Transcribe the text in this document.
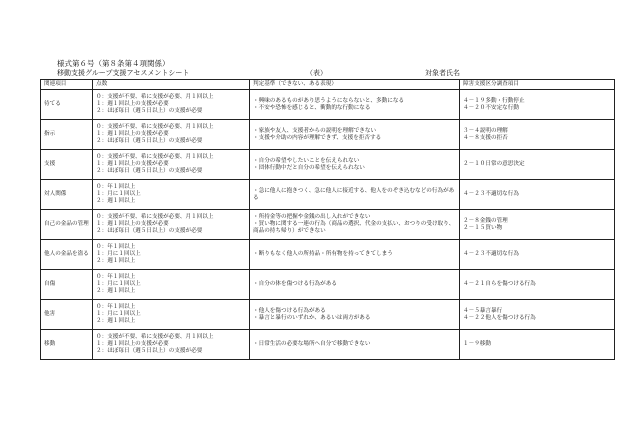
様式第６号（第８条第４項関係）
移動支援グループ支援アセスメントシート	（表）	対象者氏名
関連項目	点数	判定基準（できない、ある表現）	障害支援区分調査項目
待てる	０：支援が不要、希に支援が必要、月１回以上
１：週１回以上の支援が必要
２：ほぼ毎日（週５日以上）の支援が必要	・興味のあるものがあり思うようにならないと、多動になる
・不安や恐怖を感じると、衝動的な行動になる	４－１９多動・行動停止
４－２０不安定な行動

指示	０：支援が不要、希に支援が必要、月１回以上
１：週１回以上の支援が必要
２：ほぼ毎日（週５日以上）の支援が必要	・家族や友人、支援者からの説明を理解できない
・支援や介助の内容が理解できず、支援を拒否する	３－４説明の理解
４－８支援の拒否

支援	０：支援が不要、希に支援が必要、月１回以上
１：週１回以上の支援が必要
２：ほぼ毎日（週５日以上）の支援が必要	・自分の希望やしたいことを伝えられない
・団体行動中だと自分の希望を伝えられない	２－１０日常の意思決定

対人関係	０：年１回以上
１：月に１回以上
２：週１回以上	・急に他人に抱きつく、急に他人に接近する、他人をのぞき込むなどの行為がある	４－２３不適切な行為

自己の金品の管理	０：支援が不要、希に支援が必要、月１回以上
１：週１回以上の支援が必要
２：ほぼ毎日（週５日以上）の支援が必要	・所持金等の把握や金銭の出し入れができない
・買い物に関する一連の行為（商品の選択、代金の支払い、おつりの受け取り、商品の持ち帰り）ができない	２－８金銭の管理
２－１５買い物

他人の金品を盗る	０：年１回以上
１：月に１回以上
２：週１回以上	・断りもなく他人の所持品・所有物を持ってきてしまう	４－２３不適切な行為

自傷	０：年１回以上
１：月に１回以上
２：週１回以上	・自分の体を傷つける行為がある	４－２１自らを傷つける行為

他害	０：年１回以上
１：月に１回以上
２：週１回以上	・他人を傷つける行為がある
・暴言と暴行のいずれか、あるいは両方がある	４－５暴言暴行
４－２２他人を傷つける行為

移動	０：支援が不要、希に支援が必要、月１回以上
１：週１回以上の支援が必要
２：ほぼ毎日（週５日以上）の支援が必要	・日常生活の必要な場所へ自分で移動できない	１－９移動
